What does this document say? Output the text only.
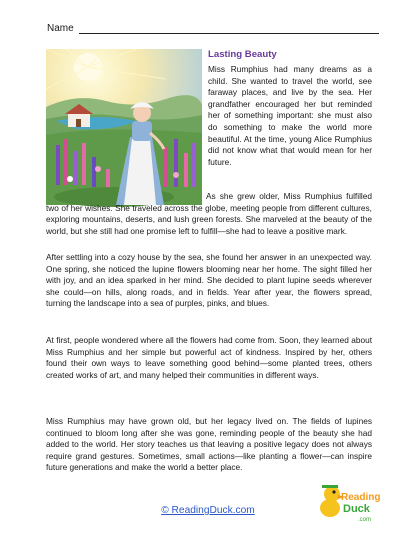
Name
Lasting Beauty

Miss Rumphius had many dreams as a child. She wanted to travel the world, see faraway places, and live by the sea. Her grandfather encouraged her but reminded her of something important: she must also do something to make the world more beautiful. At the time, young Alice Rumphius did not know what that would mean for her future.

As she grew older, Miss Rumphius fulfilled two of her wishes. She traveled across the globe, meeting people from different cultures, exploring mountains, deserts, and lush green forests. She marveled at the beauty of the world, but she still had one promise left to fulfill—she had to leave a positive mark.

After settling into a cozy house by the sea, she found her answer in an unexpected way. One spring, she noticed the lupine flowers blooming near her home. The sight filled her with joy, and an idea sparked in her mind. She decided to plant lupine seeds wherever she could—on hills, along roads, and in fields. Year after year, the flowers spread, turning the landscape into a sea of purples, pinks, and blues.

At first, people wondered where all the flowers had come from. Soon, they learned about Miss Rumphius and her simple but powerful act of kindness. Inspired by her, others found their own ways to leave something good behind—some planted trees, others created works of art, and many helped their communities in different ways.

Miss Rumphius may have grown old, but her legacy lived on. The fields of lupines continued to bloom long after she was gone, reminding people of the beauty she had added to the world. Her story teaches us that leaving a positive legacy does not always require grand gestures. Sometimes, small actions—like planting a flower—can inspire future generations and make the world a better place.

© ReadingDuck.com
Reading
Duck
.com
